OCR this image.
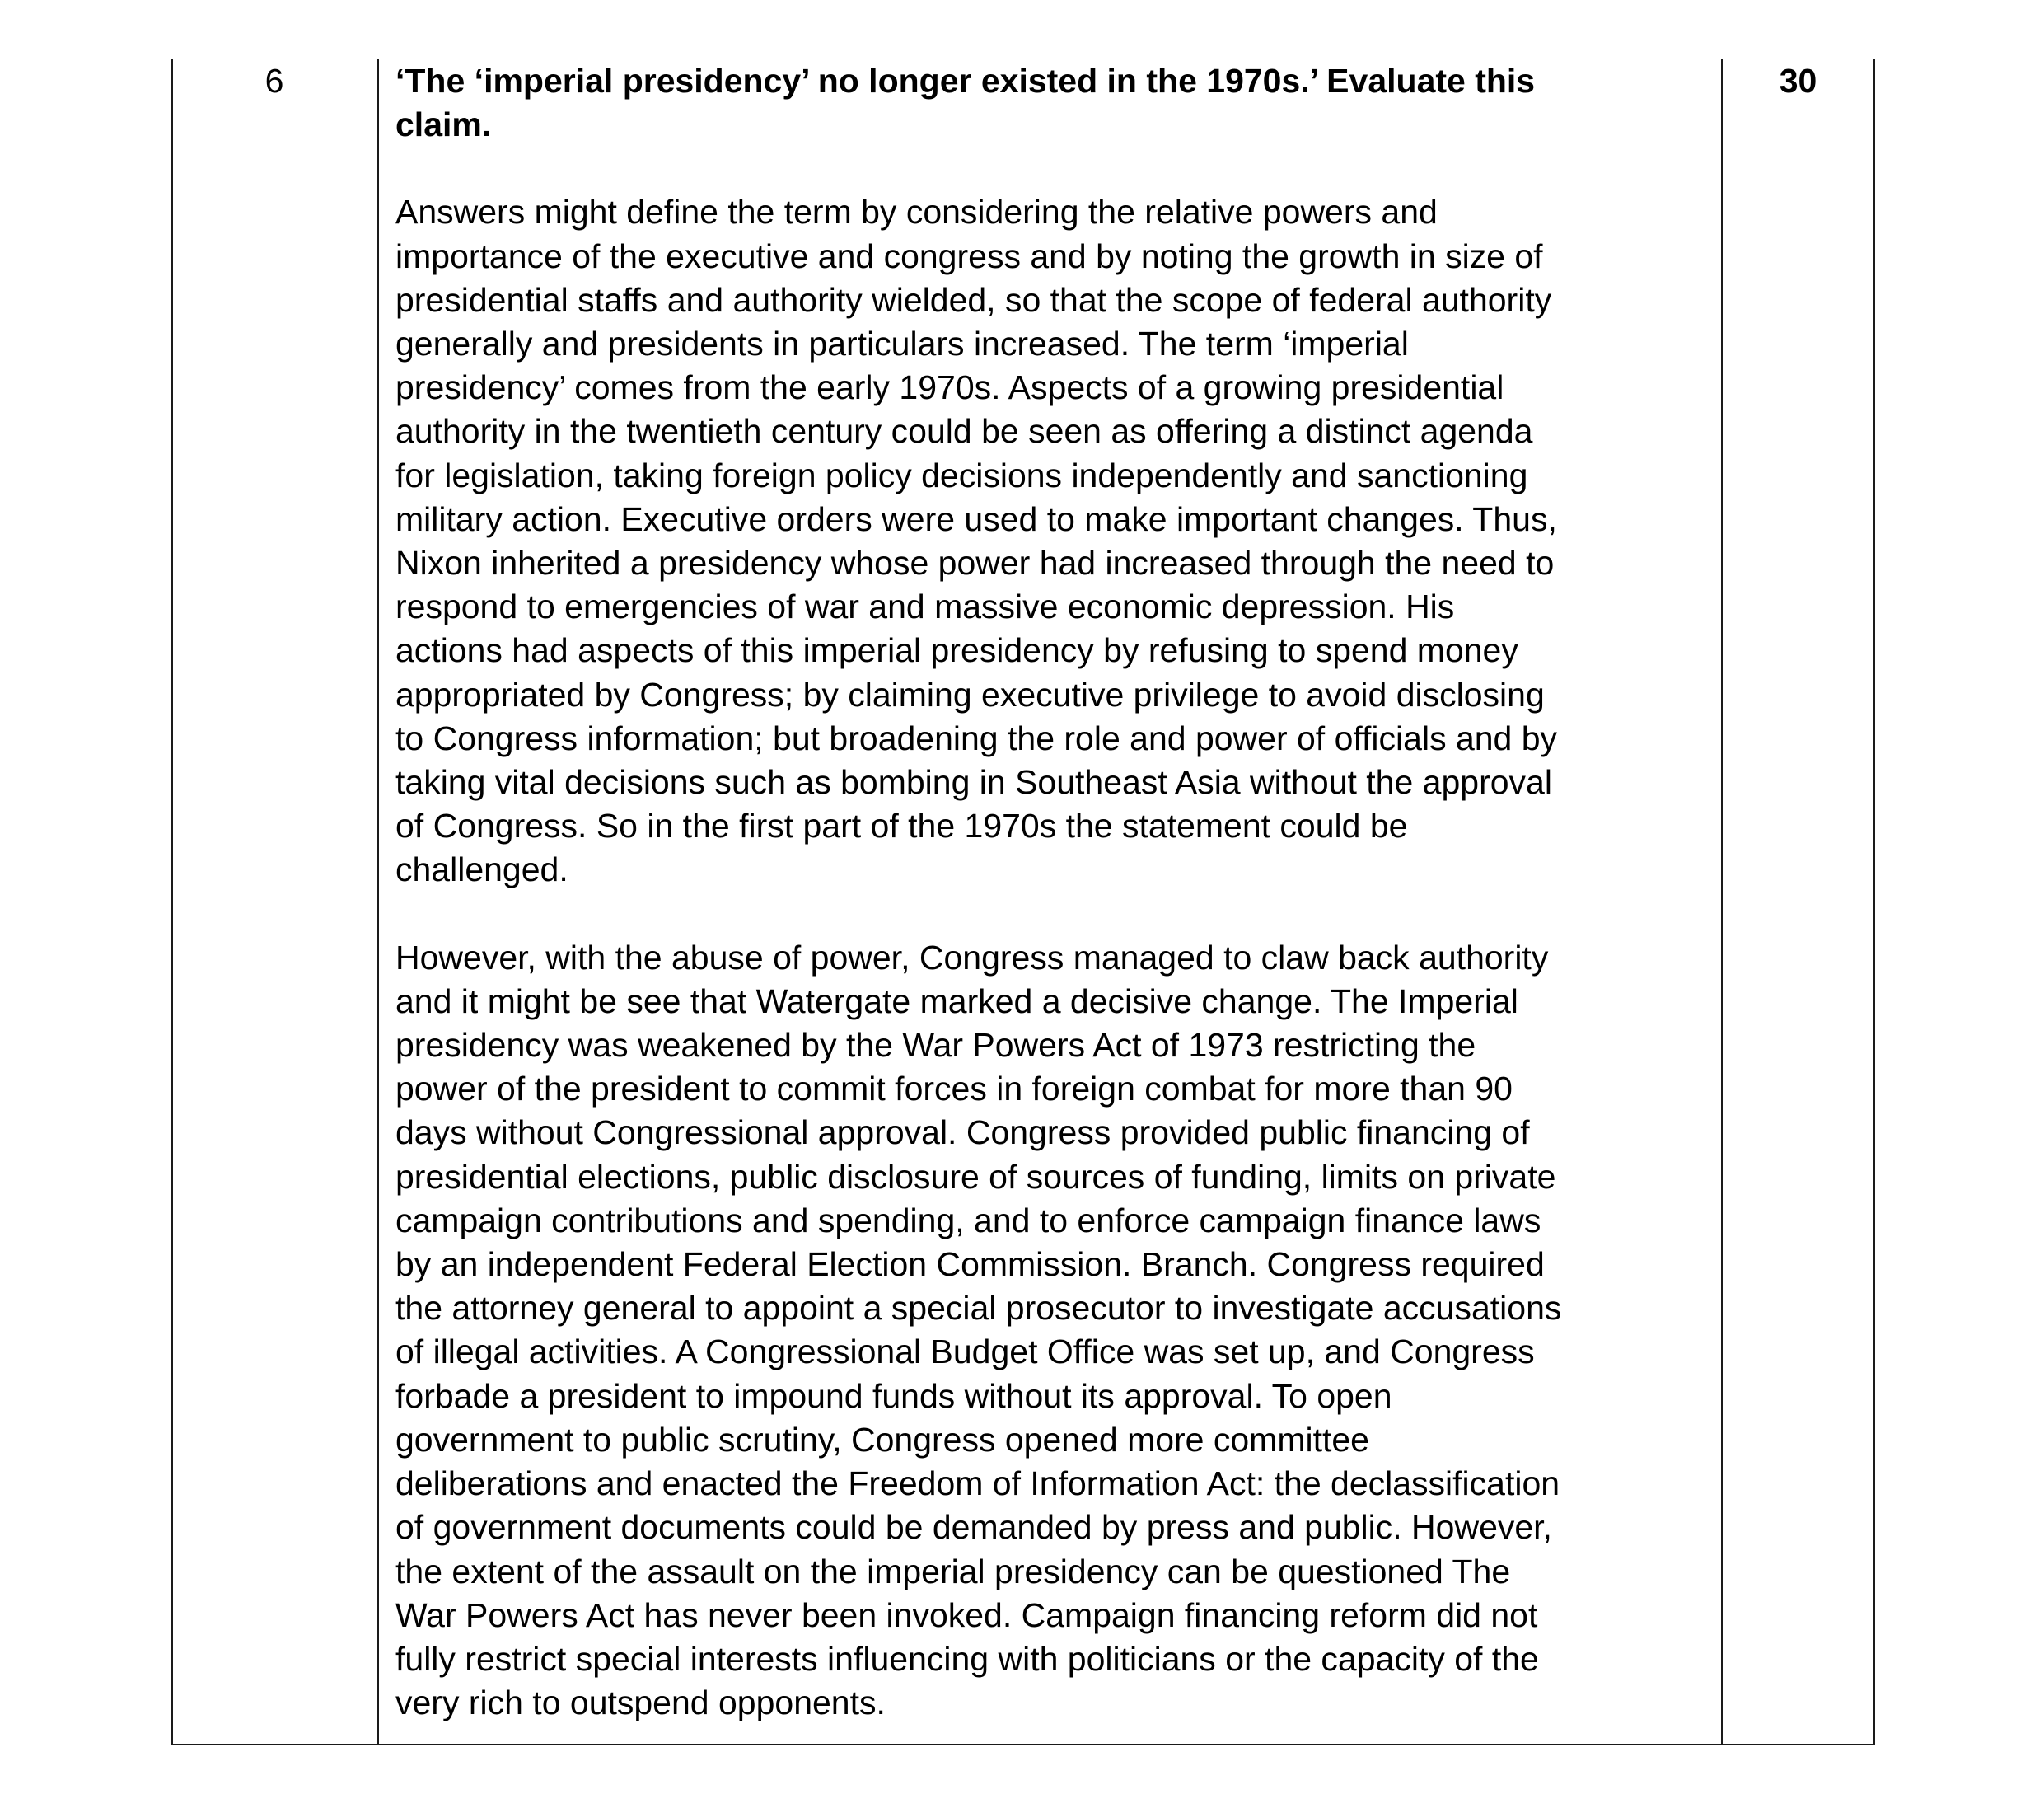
6	‘The ‘imperial presidency’ no longer existed in the 1970s.’ Evaluate this
claim.

Answers might define the term by considering the relative powers and
importance of the executive and congress and by noting the growth in size of
presidential staffs and authority wielded, so that the scope of federal authority
generally and presidents in particulars increased. The term ‘imperial
presidency’ comes from the early 1970s. Aspects of a growing presidential
authority in the twentieth century could be seen as offering a distinct agenda
for legislation, taking foreign policy decisions independently and sanctioning
military action. Executive orders were used to make important changes. Thus,
Nixon inherited a presidency whose power had increased through the need to
respond to emergencies of war and massive economic depression. His
actions had aspects of this imperial presidency by refusing to spend money
appropriated by Congress; by claiming executive privilege to avoid disclosing
to Congress information; but broadening the role and power of officials and by
taking vital decisions such as bombing in Southeast Asia without the approval
of Congress. So in the first part of the 1970s the statement could be
challenged.

However, with the abuse of power, Congress managed to claw back authority
and it might be see that Watergate marked a decisive change. The Imperial
presidency was weakened by the War Powers Act of 1973 restricting the
power of the president to commit forces in foreign combat for more than 90
days without Congressional approval. Congress provided public financing of
presidential elections, public disclosure of sources of funding, limits on private
campaign contributions and spending, and to enforce campaign finance laws
by an independent Federal Election Commission. Branch. Congress required
the attorney general to appoint a special prosecutor to investigate accusations
of illegal activities. A Congressional Budget Office was set up, and Congress
forbade a president to impound funds without its approval. To open
government to public scrutiny, Congress opened more committee
deliberations and enacted the Freedom of Information Act: the declassification
of government documents could be demanded by press and public. However,
the extent of the assault on the imperial presidency can be questioned The
War Powers Act has never been invoked. Campaign financing reform did not
fully restrict special interests influencing with politicians or the capacity of the
very rich to outspend opponents.

30
